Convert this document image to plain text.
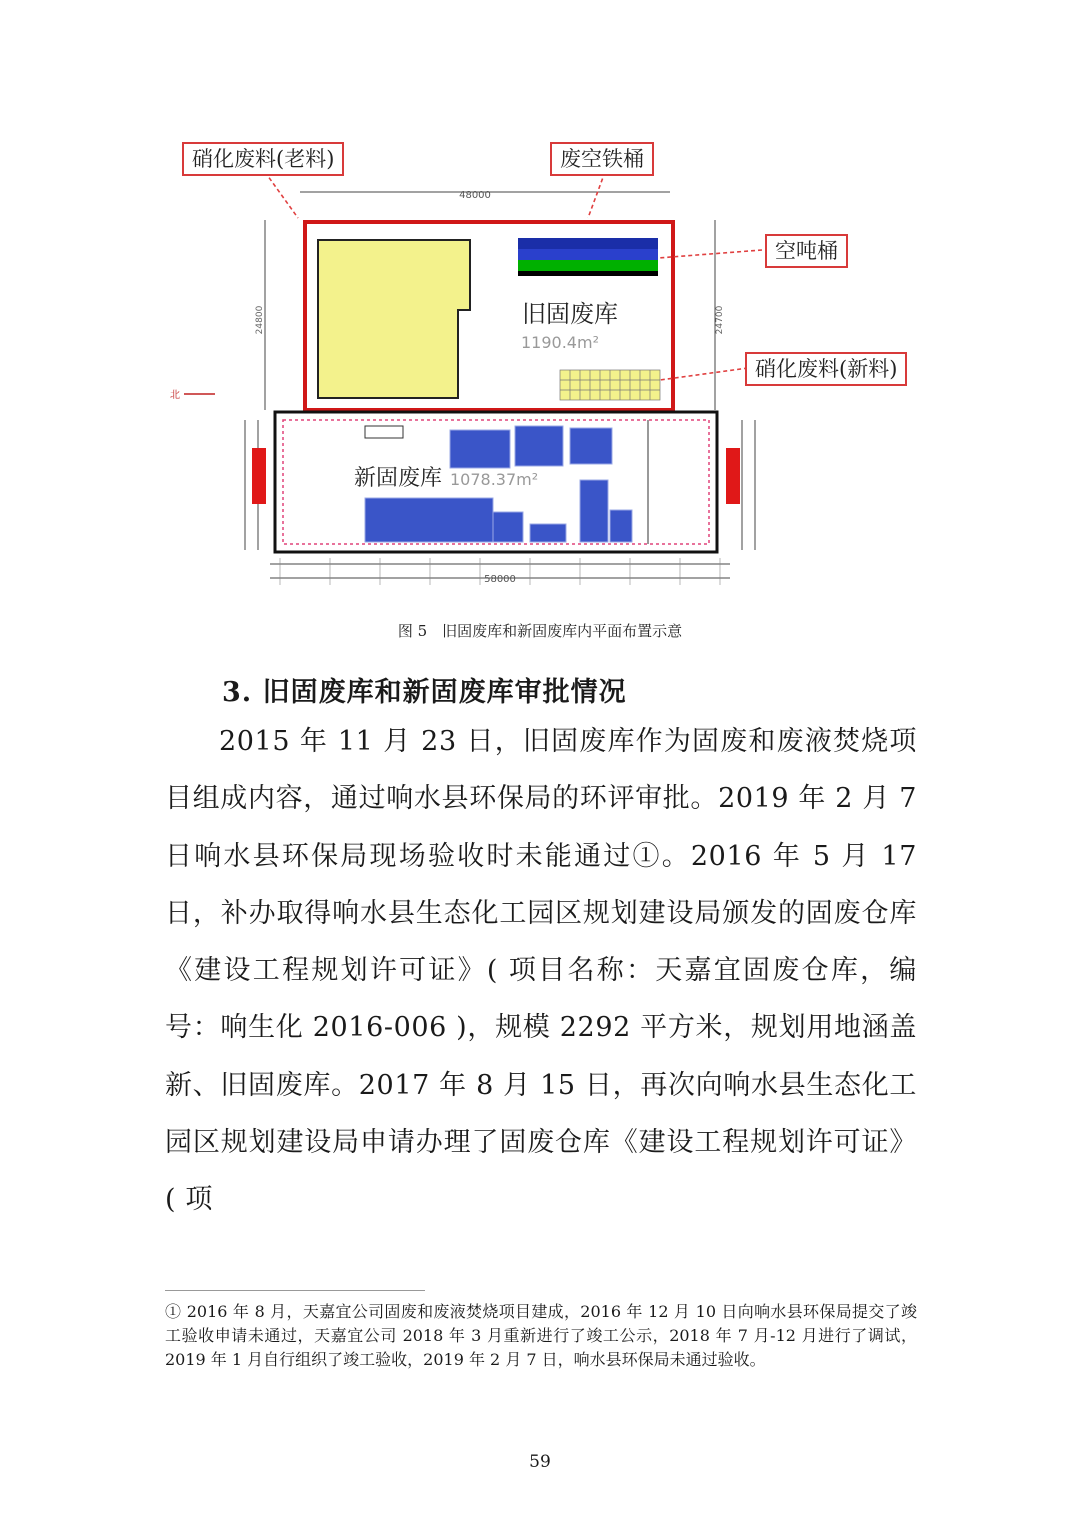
48000
58000
24800	24700
旧固废库
1190.4m²
新固废库 1078.37m²
北
硝化废料(老料)	废空铁桶
空吨桶
硝化废料(新料)
图 5　旧固废库和新固废库内平面布置示意
3. 旧固废库和新固废库审批情况

2015 年 11 月 23 日，旧固废库作为固废和废液焚烧项目组成内容，通过响水县环保局的环评审批。2019 年 2 月 7 日响水县环保局现场验收时未能通过①。2016 年 5 月 17 日，补办取得响水县生态化工园区规划建设局颁发的固废仓库《建设工程规划许可证》( 项目名称：天嘉宜固废仓库，编号：响生化 2016-006 )，规模 2292 平方米，规划用地涵盖新、旧固废库。2017 年 8 月 15 日，再次向响水县生态化工园区规划建设局申请办理了固废仓库《建设工程规划许可证》( 项

① 2016 年 8 月，天嘉宜公司固废和废液焚烧项目建成，2016 年 12 月 10 日向响水县环保局提交了竣工验收申请未通过，天嘉宜公司 2018 年 3 月重新进行了竣工公示，2018 年 7 月-12 月进行了调试，2019 年 1 月自行组织了竣工验收，2019 年 2 月 7 日，响水县环保局未通过验收。

59
